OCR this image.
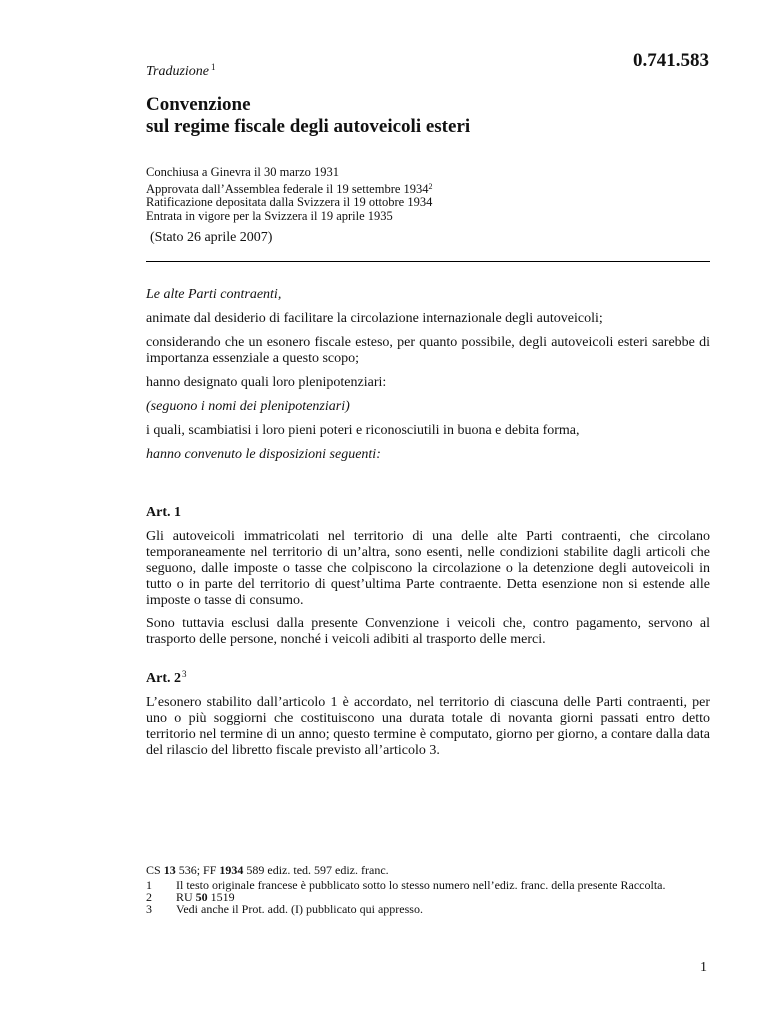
Traduzione $^1$	0.741.583
Convenzione
sul regime fiscale degli autoveicoli esteri
Conchiusa a Ginevra il 30 marzo 1931
Approvata dall’Assemblea federale il 19 settembre 1934$^2$
Ratificazione depositata dalla Svizzera il 19 ottobre 1934
Entrata in vigore per la Svizzera il 19 aprile 1935
(Stato 26 aprile 2007)

Le alte Parti contraenti,

animate dal desiderio di facilitare la circolazione internazionale degli autoveicoli;

considerando che un esonero fiscale esteso, per quanto possibile, degli autoveicoli esteri sarebbe di importanza essenziale a questo scopo;

hanno designato quali loro plenipotenziari:

(seguono i nomi dei plenipotenziari)

i quali, scambiatisi i loro pieni poteri e riconosciutili in buona e debita forma,

hanno convenuto le disposizioni seguenti:

Art. 1

Gli autoveicoli immatricolati nel territorio di una delle alte Parti contraenti, che circolano temporaneamente nel territorio di un’altra, sono esenti, nelle condizioni stabilite dagli articoli che seguono, dalle imposte o tasse che colpiscono la circolazione o la detenzione degli autoveicoli in tutto o in parte del territorio di quest’ultima Parte contraente. Detta esenzione non si estende alle imposte o tasse di consumo.

Sono tuttavia esclusi dalla presente Convenzione i veicoli che, contro pagamento, servono al trasporto delle persone, nonché i veicoli adibiti al trasporto delle merci.

Art. $2^3$

L’esonero stabilito dall’articolo 1 è accordato, nel territorio di ciascuna delle Parti contraenti, per uno o più soggiorni che costituiscono una durata totale di novanta giorni passati entro detto territorio nel termine di un anno; questo termine è computato, giorno per giorno, a contare dalla data del rilascio del libretto fiscale previsto all’articolo 3.

CS 13 536; FF 1934 589 ediz. ted. 597 ediz. franc.
1	Il testo originale francese è pubblicato sotto lo stesso numero nell’ediz. franc. della presente Raccolta.
2	RU 50 1519
3	Vedi anche il Prot. add. (I) pubblicato qui appresso.
1
